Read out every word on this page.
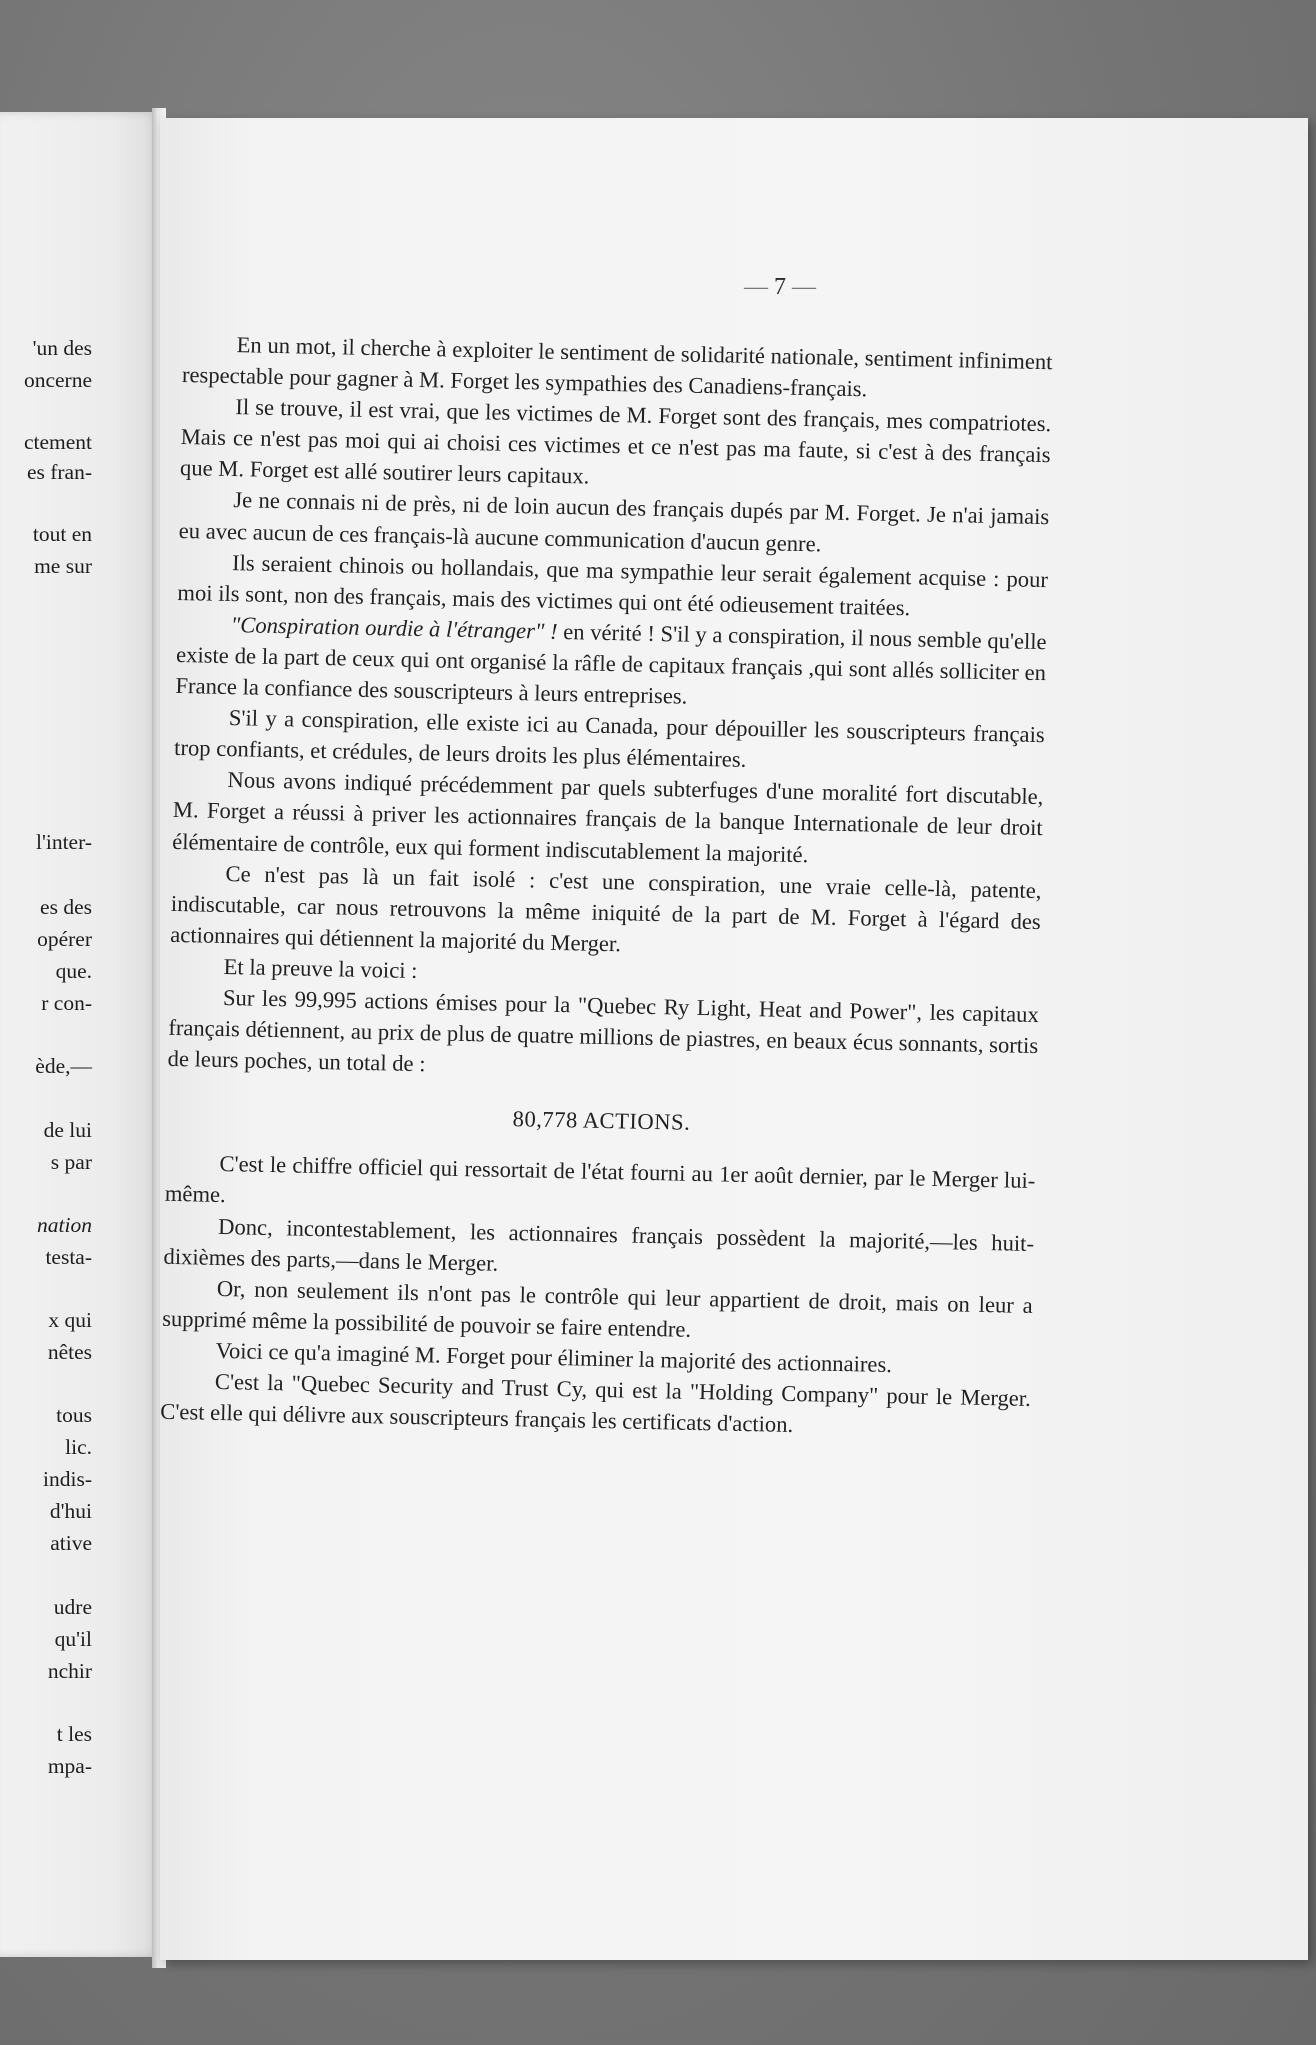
'un des
oncerne
ctement
es fran-
tout en
me sur
l'inter-
es des
opérer
que.
r con-
ède,—
de lui
s par
nation
testa-
x qui
nêtes
tous
lic.
indis-
d'hui
ative
udre
qu'il
nchir
t les
mpa-
— 7 —

En un mot, il cherche à exploiter le sentiment de solidarité nationale, sentiment infiniment respectable pour gagner à M. Forget les sympathies des Canadiens-français.

Il se trouve, il est vrai, que les victimes de M. Forget sont des français, mes compatriotes. Mais ce n'est pas moi qui ai choisi ces victimes et ce n'est pas ma faute, si c'est à des français que M. Forget est allé soutirer leurs capitaux.

Je ne connais ni de près, ni de loin aucun des français dupés par M. Forget. Je n'ai jamais eu avec aucun de ces français-là aucune communication d'aucun genre.

Ils seraient chinois ou hollandais, que ma sympathie leur serait également acquise : pour moi ils sont, non des français, mais des victimes qui ont été odieusement traitées.

"Conspiration ourdie à l'étranger" ! en vérité ! S'il y a conspiration, il nous semble qu'elle existe de la part de ceux qui ont organisé la râfle de capitaux français ,qui sont allés solliciter en France la confiance des souscripteurs à leurs entreprises.

S'il y a conspiration, elle existe ici au Canada, pour dépouiller les souscripteurs français trop confiants, et crédules, de leurs droits les plus élémentaires.

Nous avons indiqué précédemment par quels subterfuges d'une moralité fort discutable, M. Forget a réussi à priver les actionnaires français de la banque Internationale de leur droit élémentaire de contrôle, eux qui forment indiscutablement la majorité.

Ce n'est pas là un fait isolé : c'est une conspiration, une vraie celle-là, patente, indiscutable, car nous retrouvons la même iniquité de la part de M. Forget à l'égard des actionnaires qui détiennent la majorité du Merger.

Et la preuve la voici :

Sur les 99,995 actions émises pour la "Quebec Ry Light, Heat and Power", les capitaux français détiennent, au prix de plus de quatre millions de piastres, en beaux écus sonnants, sortis de leurs poches, un total de :

80,778 ACTIONS.

C'est le chiffre officiel qui ressortait de l'état fourni au 1er août dernier, par le Merger lui-même.

Donc, incontestablement, les actionnaires français possèdent la majorité,—les huit-dixièmes des parts,—dans le Merger.

Or, non seulement ils n'ont pas le contrôle qui leur appartient de droit, mais on leur a supprimé même la possibilité de pouvoir se faire entendre.

Voici ce qu'a imaginé M. Forget pour éliminer la majorité des actionnaires.

C'est la "Quebec Security and Trust Cy, qui est la "Holding Company" pour le Merger. C'est elle qui délivre aux souscripteurs français les certificats d'action.
